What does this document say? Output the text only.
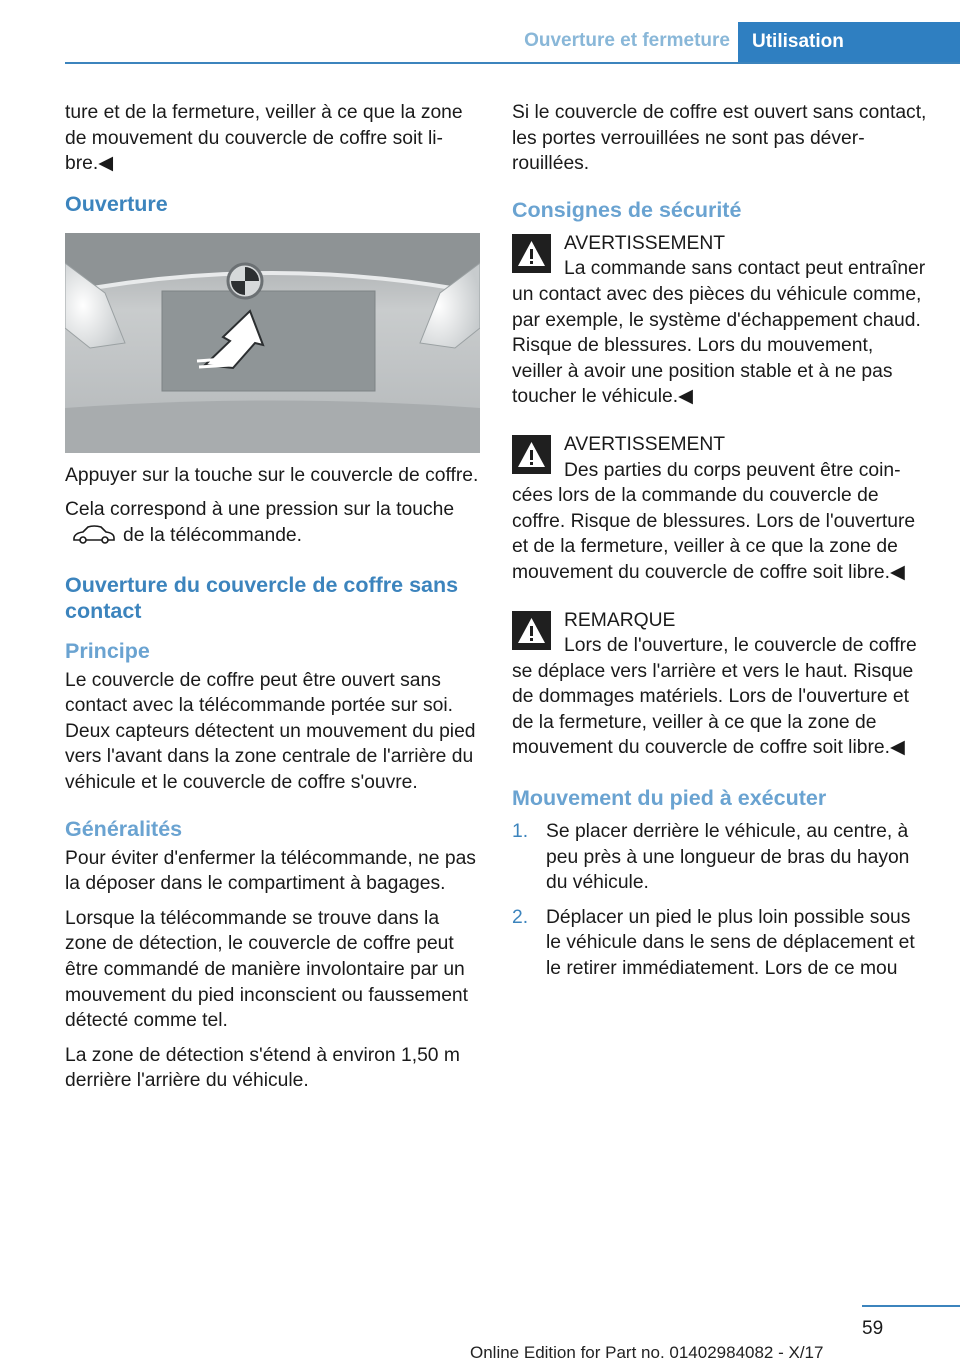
Ouverture et fermeture Utilisation

ture et de la fermeture, veiller à ce que la zone de mouvement du couvercle de coffre soit libre.◀

Ouverture

Appuyer sur la touche sur le couvercle de coffre.

Cela correspond à une pression sur la touche
de la télécommande.

Ouverture du couvercle de coffre sans contact
Principe

Le couvercle de coffre peut être ouvert sans contact avec la télécommande portée sur soi. Deux capteurs détectent un mouvement du pied vers l'avant dans la zone centrale de l'arrière du véhicule et le couvercle de coffre s'ouvre.

Généralités

Pour éviter d'enfermer la télécommande, ne pas la déposer dans le compartiment à bagages.

Lorsque la télécommande se trouve dans la zone de détection, le couvercle de coffre peut être commandé de manière involontaire par un mouvement du pied inconscient ou faussement détecté comme tel.

La zone de détection s'étend à environ 1,50 m derrière l'arrière du véhicule.

Si le couvercle de coffre est ouvert sans contact, les portes verrouillées ne sont pas déverrouillées.

Consignes de sécurité
AVERTISSEMENT
La commande sans contact peut entraîner un contact avec des pièces du véhicule comme, par exemple, le système d'échappement chaud. Risque de blessures. Lors du mouvement, veiller à avoir une position stable et à ne pas toucher le véhicule.◀
AVERTISSEMENT
Des parties du corps peuvent être coincées lors de la commande du couvercle de coffre. Risque de blessures. Lors de l'ouverture et de la fermeture, veiller à ce que la zone de mouvement du couvercle de coffre soit libre.◀
REMARQUE
Lors de l'ouverture, le couvercle de coffre se déplace vers l'arrière et vers le haut. Risque de dommages matériels. Lors de l'ouverture et de la fermeture, veiller à ce que la zone de mouvement du couvercle de coffre soit libre.◀
Mouvement du pied à exécuter
1. Se placer derrière le véhicule, au centre, à peu près à une longueur de bras du hayon du véhicule.
2. Déplacer un pied le plus loin possible sous le véhicule dans le sens de déplacement et le retirer immédiatement. Lors de ce mou
59
Online Edition for Part no. 01402984082 - X/17
